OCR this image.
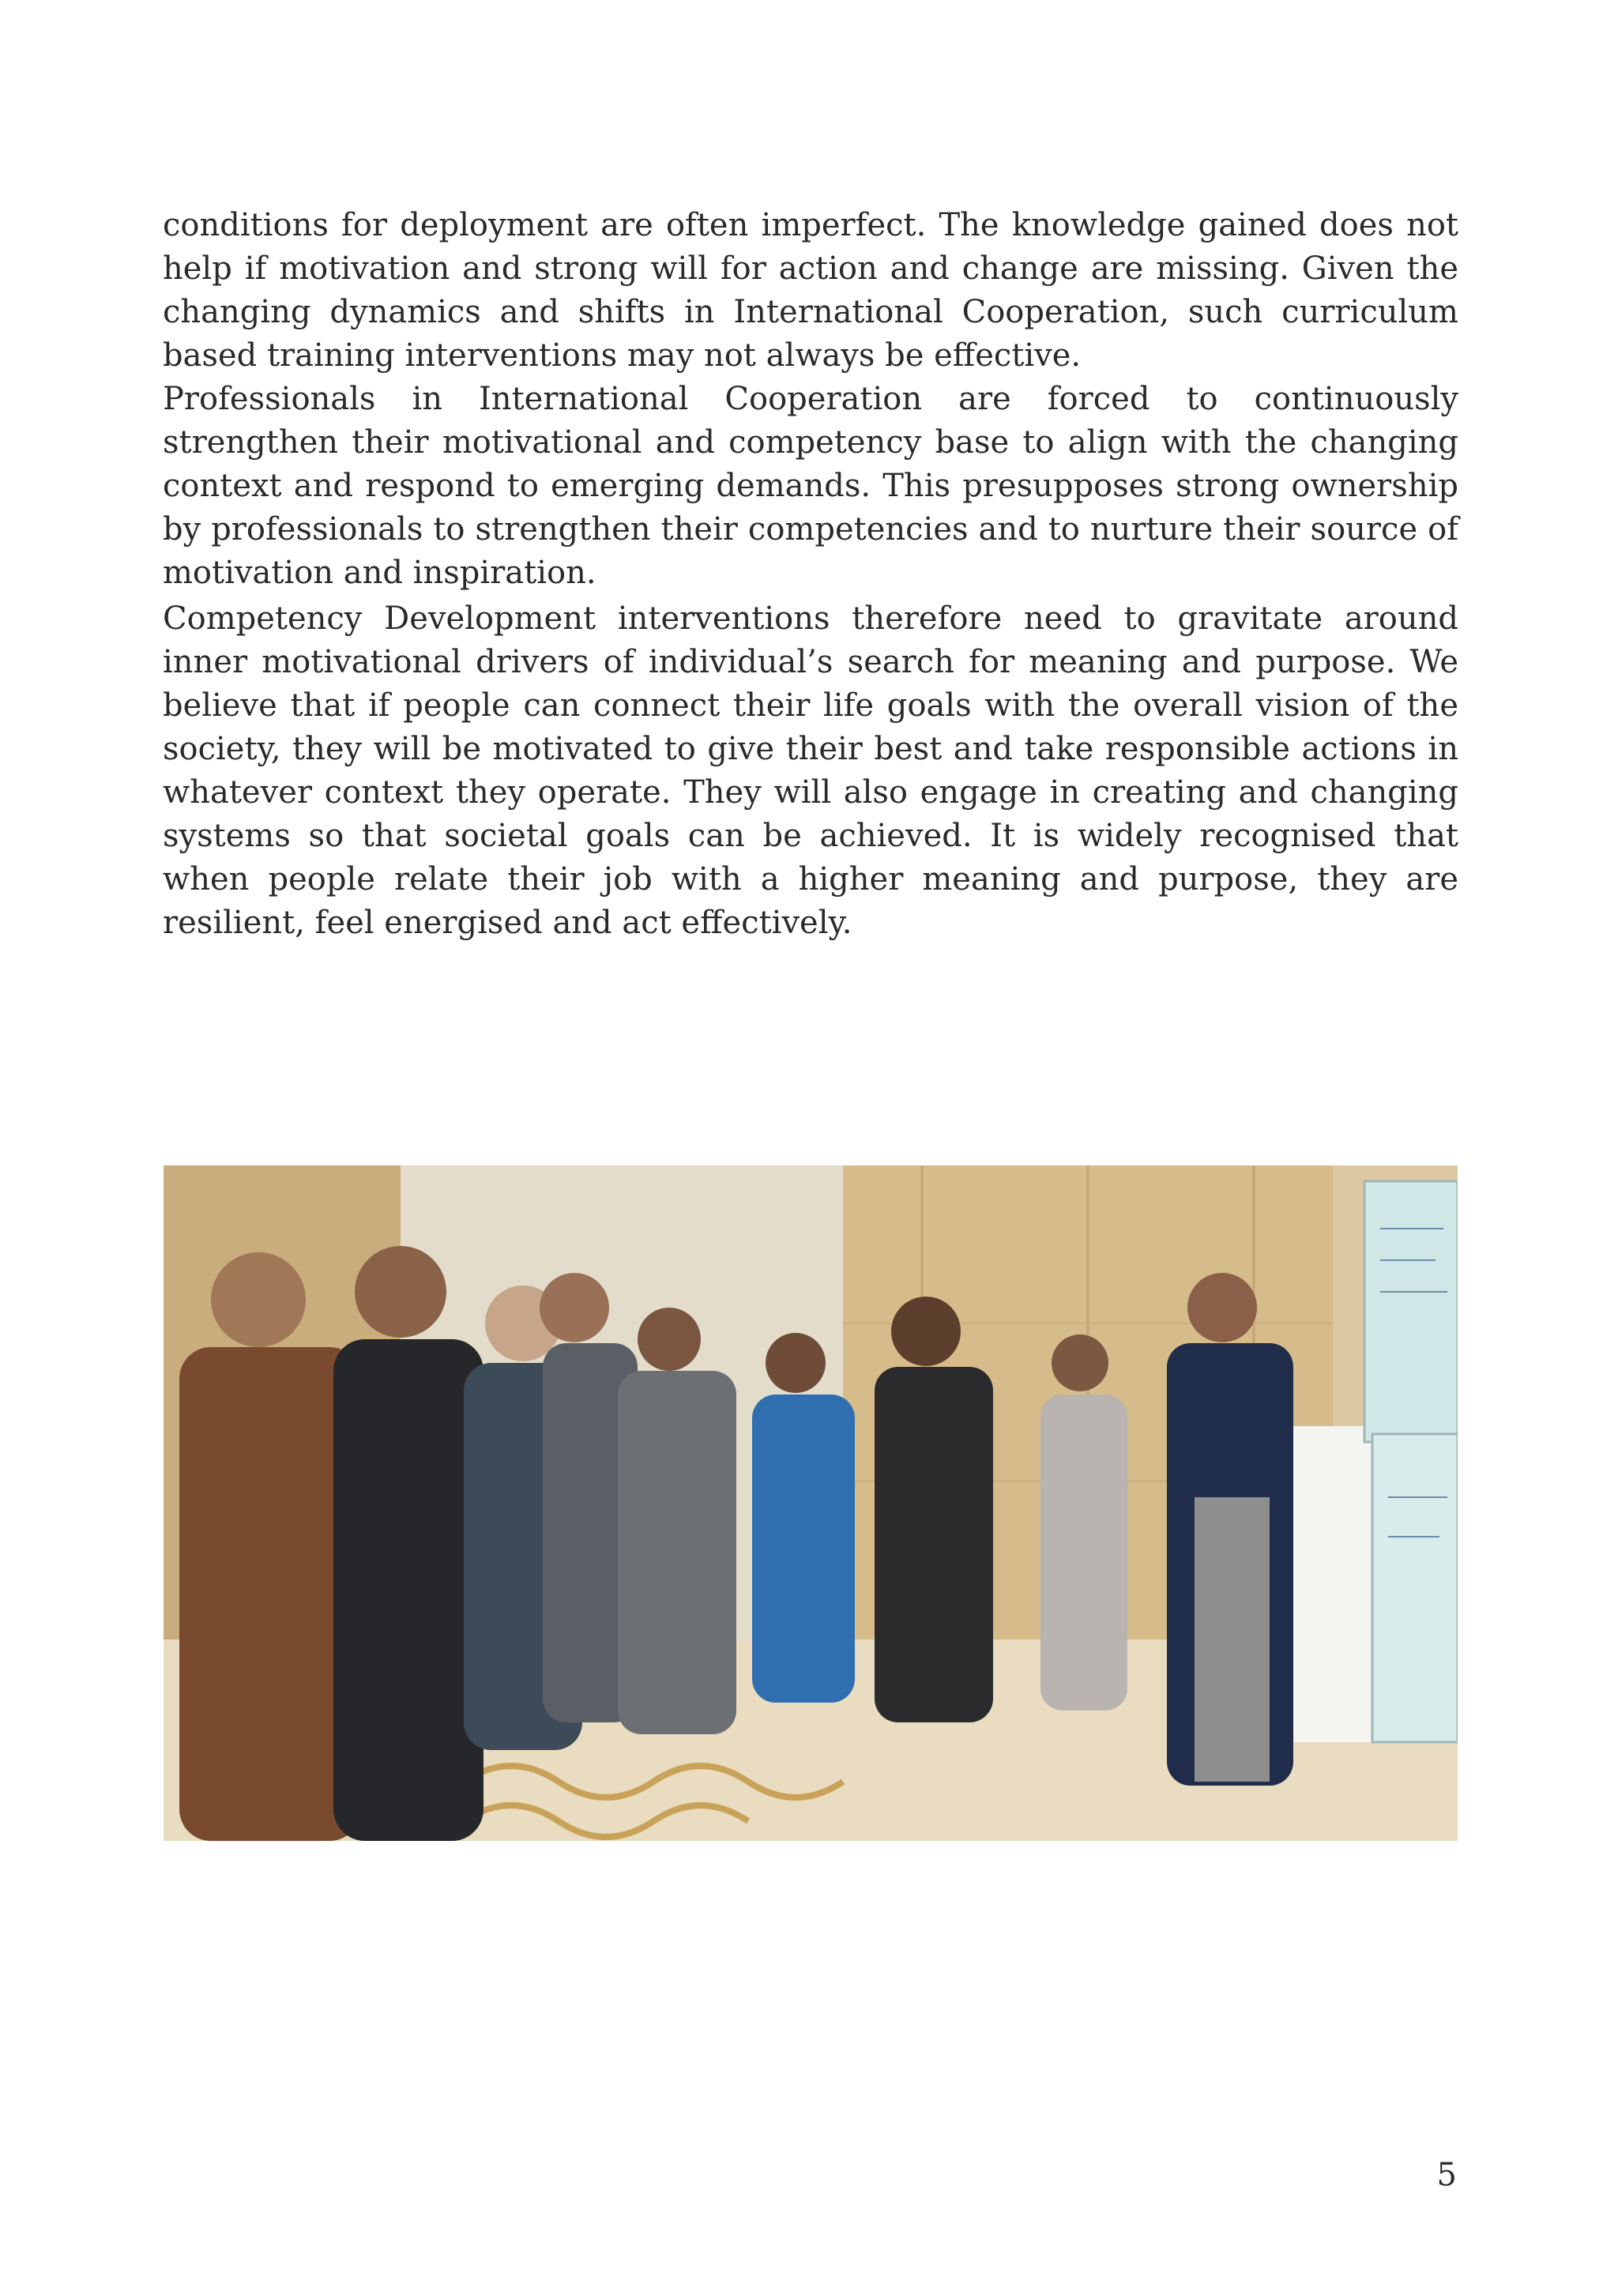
conditions for deployment are often imperfect. The knowledge gained does not help if motivation and strong will for action and change are missing. Given the changing dynamics and shifts in International Cooperation, such curriculum based training interventions may not always be effective.

Professionals in International Cooperation are forced to continuously strengthen their motivational and competency base to align with the changing context and respond to emerging demands. This presupposes strong ownership by professionals to strengthen their competencies and to nurture their source of motivation and inspiration.

Competency Development interventions therefore need to gravitate around inner motivational drivers of individual’s search for meaning and purpose. We believe that if people can connect their life goals with the overall vision of the society, they will be motivated to give their best and take responsible actions in whatever context they operate. They will also engage in creating and changing systems so that societal goals can be achieved. It is widely recognised that when people relate their job with a higher meaning and purpose, they are resilient, feel energised and act effectively.

5
